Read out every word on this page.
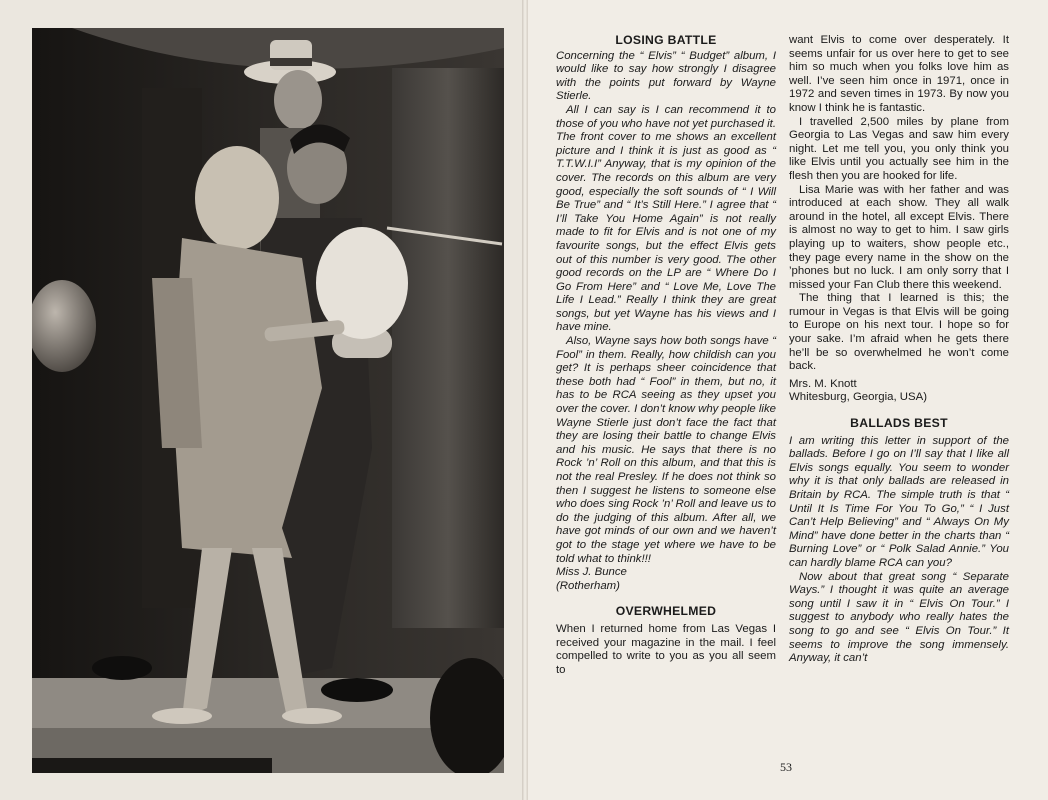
LOSING BATTLE

Concerning the “ Elvis” “ Budget” album, I would like to say how strongly I disagree with the points put forward by Wayne Stierle.

All I can say is I can recommend it to those of you who have not yet purchased it. The front cover to me shows an excellent picture and I think it is just as good as “ T.T.W.I.I” Anyway, that is my opinion of the cover. The records on this album are very good, especially the soft sounds of “ I Will Be True” and “ It’s Still Here.” I agree that “ I’ll Take You Home Again” is not really made to fit for Elvis and is not one of my favourite songs, but the effect Elvis gets out of this number is very good. The other good records on the LP are “ Where Do I Go From Here” and “ Love Me, Love The Life I Lead.” Really I think they are great songs, but yet Wayne has his views and I have mine.

Also, Wayne says how both songs have “ Fool” in them. Really, how childish can you get? It is perhaps sheer coincidence that these both had “ Fool” in them, but no, it has to be RCA seeing as they upset you over the cover. I don’t know why people like Wayne Stierle just don’t face the fact that they are losing their battle to change Elvis and his music. He says that there is no Rock ’n’ Roll on this album, and that this is not the real Presley. If he does not think so then I suggest he listens to someone else who does sing Rock ’n’ Roll and leave us to do the judging of this album. After all, we have got minds of our own and we haven’t got to the stage yet where we have to be told what to think!!!

Miss J. Bunce
(Rotherham)
OVERWHELMED

When I returned home from Las Vegas I received your magazine in the mail. I feel compelled to write to you as you all seem to

want Elvis to come over desperately. It seems unfair for us over here to get to see him so much when you folks love him as well. I’ve seen him once in 1971, once in 1972 and seven times in 1973. By now you know I think he is fantastic.

I travelled 2,500 miles by plane from Georgia to Las Vegas and saw him every night. Let me tell you, you only think you like Elvis until you actually see him in the flesh then you are hooked for life.

Lisa Marie was with her father and was introduced at each show. They all walk around in the hotel, all except Elvis. There is almost no way to get to him. I saw girls playing up to waiters, show people etc., they page every name in the show on the ’phones but no luck. I am only sorry that I missed your Fan Club there this weekend.

The thing that I learned is this; the rumour in Vegas is that Elvis will be going to Europe on his next tour. I hope so for your sake. I’m afraid when he gets there he’ll be so overwhelmed he won’t come back.

Mrs. M. Knott
Whitesburg, Georgia, USA)
BALLADS BEST

I am writing this letter in support of the ballads. Before I go on I’ll say that I like all Elvis songs equally. You seem to wonder why it is that only ballads are released in Britain by RCA. The simple truth is that “ Until It Is Time For You To Go,” “ I Just Can’t Help Believing” and “ Always On My Mind” have done better in the charts than “ Burning Love” or “ Polk Salad Annie.” You can hardly blame RCA can you?

Now about that great song “ Separate Ways.” I thought it was quite an average song until I saw it in “ Elvis On Tour.” I suggest to anybody who really hates the song to go and see “ Elvis On Tour.” It seems to improve the song immensely. Anyway, it can’t

53
